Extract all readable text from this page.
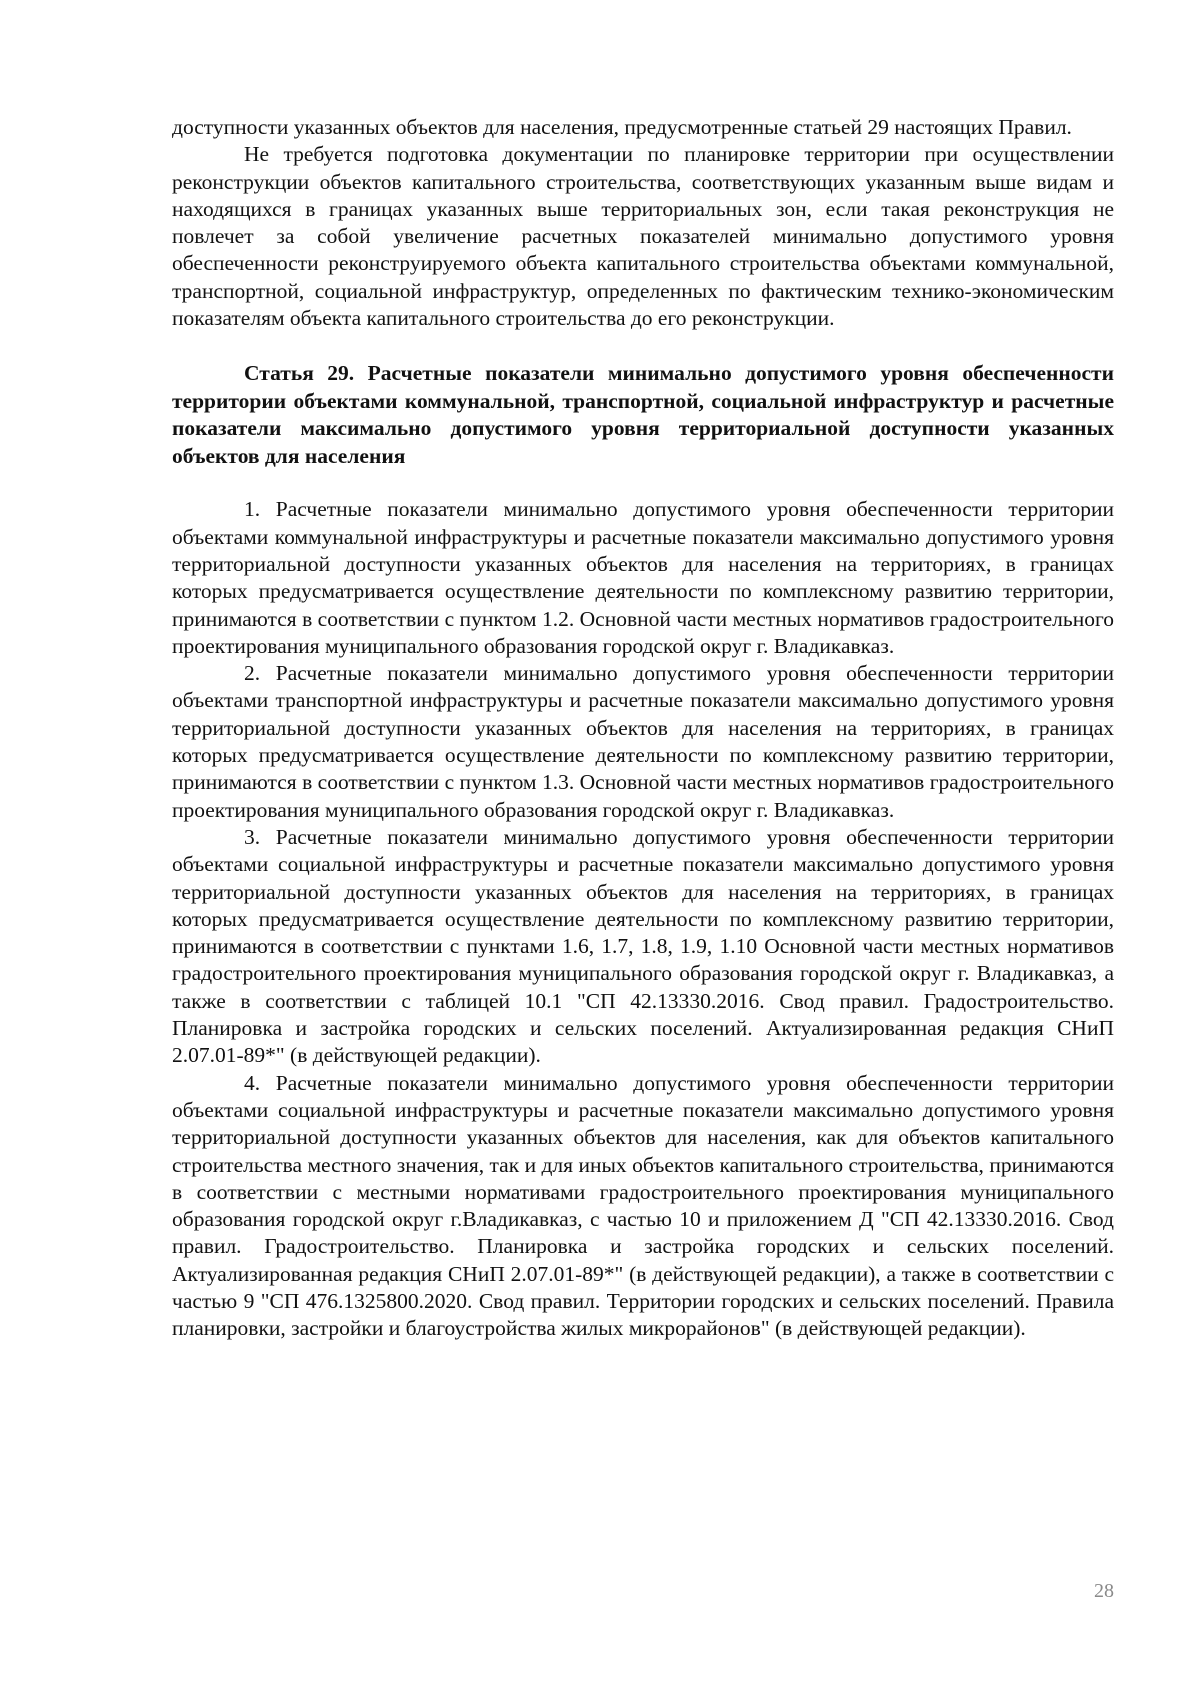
доступности указанных объектов для населения, предусмотренные статьей 29 настоящих Правил.

Не требуется подготовка документации по планировке территории при осуществлении реконструкции объектов капитального строительства, соответствующих указанным выше видам и находящихся в границах указанных выше территориальных зон, если такая реконструкция не повлечет за собой увеличение расчетных показателей минимально допустимого уровня обеспеченности реконструируемого объекта капитального строительства объектами коммунальной, транспортной, социальной инфраструктур, определенных по фактическим технико-экономическим показателям объекта капитального строительства до его реконструкции.

Статья 29. Расчетные показатели минимально допустимого уровня обеспеченности территории объектами коммунальной, транспортной, социальной инфраструктур и расчетные показатели максимально допустимого уровня территориальной доступности указанных объектов для населения

1. Расчетные показатели минимально допустимого уровня обеспеченности территории объектами коммунальной инфраструктуры и расчетные показатели максимально допустимого уровня территориальной доступности указанных объектов для населения на территориях, в границах которых предусматривается осуществление деятельности по комплексному развитию территории, принимаются в соответствии с пунктом 1.2. Основной части местных нормативов градостроительного проектирования муниципального образования городской округ г. Владикавказ.

2. Расчетные показатели минимально допустимого уровня обеспеченности территории объектами транспортной инфраструктуры и расчетные показатели максимально допустимого уровня территориальной доступности указанных объектов для населения на территориях, в границах которых предусматривается осуществление деятельности по комплексному развитию территории, принимаются в соответствии с пунктом 1.3. Основной части местных нормативов градостроительного проектирования муниципального образования городской округ г. Владикавказ.

3. Расчетные показатели минимально допустимого уровня обеспеченности территории объектами социальной инфраструктуры и расчетные показатели максимально допустимого уровня территориальной доступности указанных объектов для населения на территориях, в границах которых предусматривается осуществление деятельности по комплексному развитию территории, принимаются в соответствии с пунктами 1.6, 1.7, 1.8, 1.9, 1.10 Основной части местных нормативов градостроительного проектирования муниципального образования городской округ г. Владикавказ, а также в соответствии с таблицей 10.1 "СП 42.13330.2016. Свод правил. Градостроительство. Планировка и застройка городских и сельских поселений. Актуализированная редакция СНиП 2.07.01-89*" (в действующей редакции).

4. Расчетные показатели минимально допустимого уровня обеспеченности территории объектами социальной инфраструктуры и расчетные показатели максимально допустимого уровня территориальной доступности указанных объектов для населения, как для объектов капитального строительства местного значения, так и для иных объектов капитального строительства, принимаются в соответствии с местными нормативами градостроительного проектирования муниципального образования городской округ г.Владикавказ, с частью 10 и приложением Д "СП 42.13330.2016. Свод правил. Градостроительство. Планировка и застройка городских и сельских поселений. Актуализированная редакция СНиП 2.07.01-89*" (в действующей редакции), а также в соответствии с частью 9 "СП 476.1325800.2020. Свод правил. Территории городских и сельских поселений. Правила планировки, застройки и благоустройства жилых микрорайонов" (в действующей редакции).

28
